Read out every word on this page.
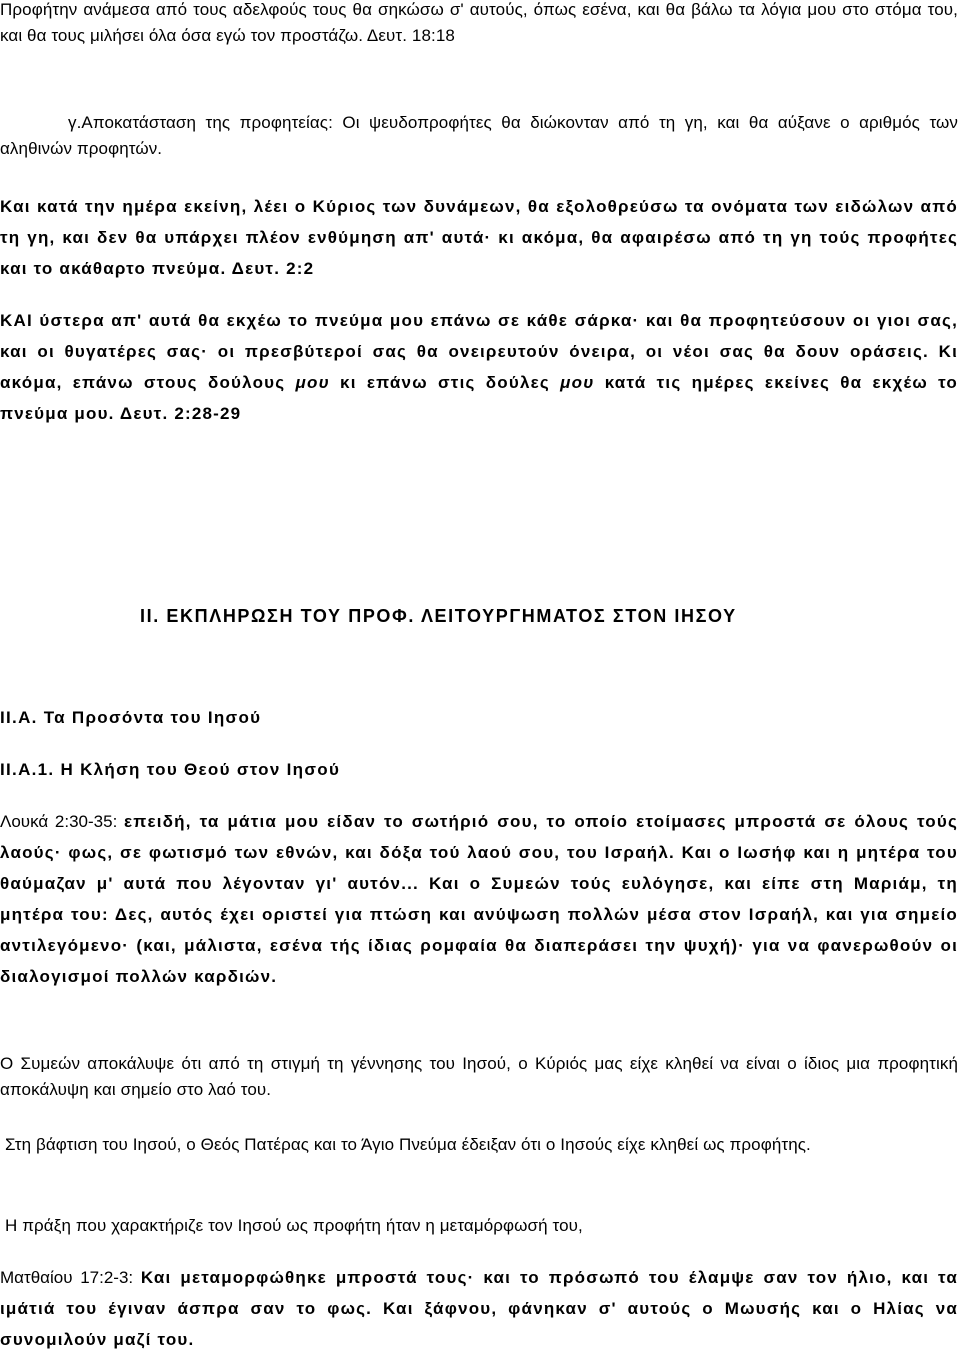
Προφήτην ανάμεσα από τους αδελφούς τους θα σηκώσω σ' αυτούς, όπως εσένα, και θα βάλω τα λόγια μου στο στόμα του, και θα τους μιλήσει όλα όσα εγώ τον προστάζω. Δευτ. 18:18

γ.Αποκατάσταση της προφητείας: Οι ψευδοπροφήτες θα διώκονταν από τη γη, και θα αύξανε ο αριθμός των αληθινών προφητών.

Και κατά την ημέρα εκείνη, λέει ο Κύριος των δυνάμεων, θα εξολοθρεύσω τα ονόματα των ειδώλων από τη γη, και δεν θα υπάρχει πλέον ενθύμηση απ' αυτά· κι ακόμα, θα αφαιρέσω από τη γη τούς προφήτες και το ακάθαρτο πνεύμα. Δευτ. 2:2

ΚΑΙ ύστερα απ' αυτά θα εκχέω το πνεύμα μου επάνω σε κάθε σάρκα· και θα προφητεύσουν οι γιοι σας, και οι θυγατέρες σας· οι πρεσβύτεροί σας θα ονειρευτούν όνειρα, οι νέοι σας θα δουν οράσεις. Κι ακόμα, επάνω στους δούλους μου κι επάνω στις δούλες μου κατά τις ημέρες εκείνες θα εκχέω το πνεύμα μου. Δευτ. 2:28-29

ΙΙ. ΕΚΠΛΗΡΩΣΗ ΤΟΥ ΠΡΟΦ. ΛΕΙΤΟΥΡΓΗΜΑΤΟΣ ΣΤΟΝ ΙΗΣΟΥ
ΙΙ.Α. Τα Προσόντα του Ιησού
ΙΙ.Α.1. Η Κλήση του Θεού στον Ιησού

Λουκά 2:30-35: επειδή, τα μάτια μου είδαν το σωτήριό σου, το οποίο ετοίμασες μπροστά σε όλους τούς λαούς· φως, σε φωτισμό των εθνών, και δόξα τού λαού σου, του Ισραήλ. Και ο Ιωσήφ και η μητέρα του θαύμαζαν μ' αυτά που λέγονταν γι' αυτόν... Και ο Συμεών τούς ευλόγησε, και είπε στη Μαριάμ, τη μητέρα του: Δες, αυτός έχει οριστεί για πτώση και ανύψωση πολλών μέσα στον Ισραήλ, και για σημείο αντιλεγόμενο· (και, μάλιστα, εσένα τής ίδιας ρομφαία θα διαπεράσει την ψυχή)· για να φανερωθούν οι διαλογισμοί πολλών καρδιών.

Ο Συμεών αποκάλυψε ότι από τη στιγμή τη γέννησης του Ιησού, ο Κύριός μας είχε κληθεί να είναι ο ίδιος μια προφητική αποκάλυψη και σημείο στο λαό του.

Στη βάφτιση του Ιησού, ο Θεός Πατέρας και το Άγιο Πνεύμα έδειξαν ότι ο Ιησούς είχε κληθεί ως προφήτης.

Η πράξη που χαρακτήριζε τον Ιησού ως προφήτη ήταν η μεταμόρφωσή του,

Ματθαίου 17:2-3: Και μεταμορφώθηκε μπροστά τους· και το πρόσωπό του έλαμψε σαν τον ήλιο, και τα ιμάτιά του έγιναν άσπρα σαν το φως. Και ξάφνου, φάνηκαν σ' αυτούς ο Μωυσής και ο Ηλίας να συνομιλούν μαζί του.
